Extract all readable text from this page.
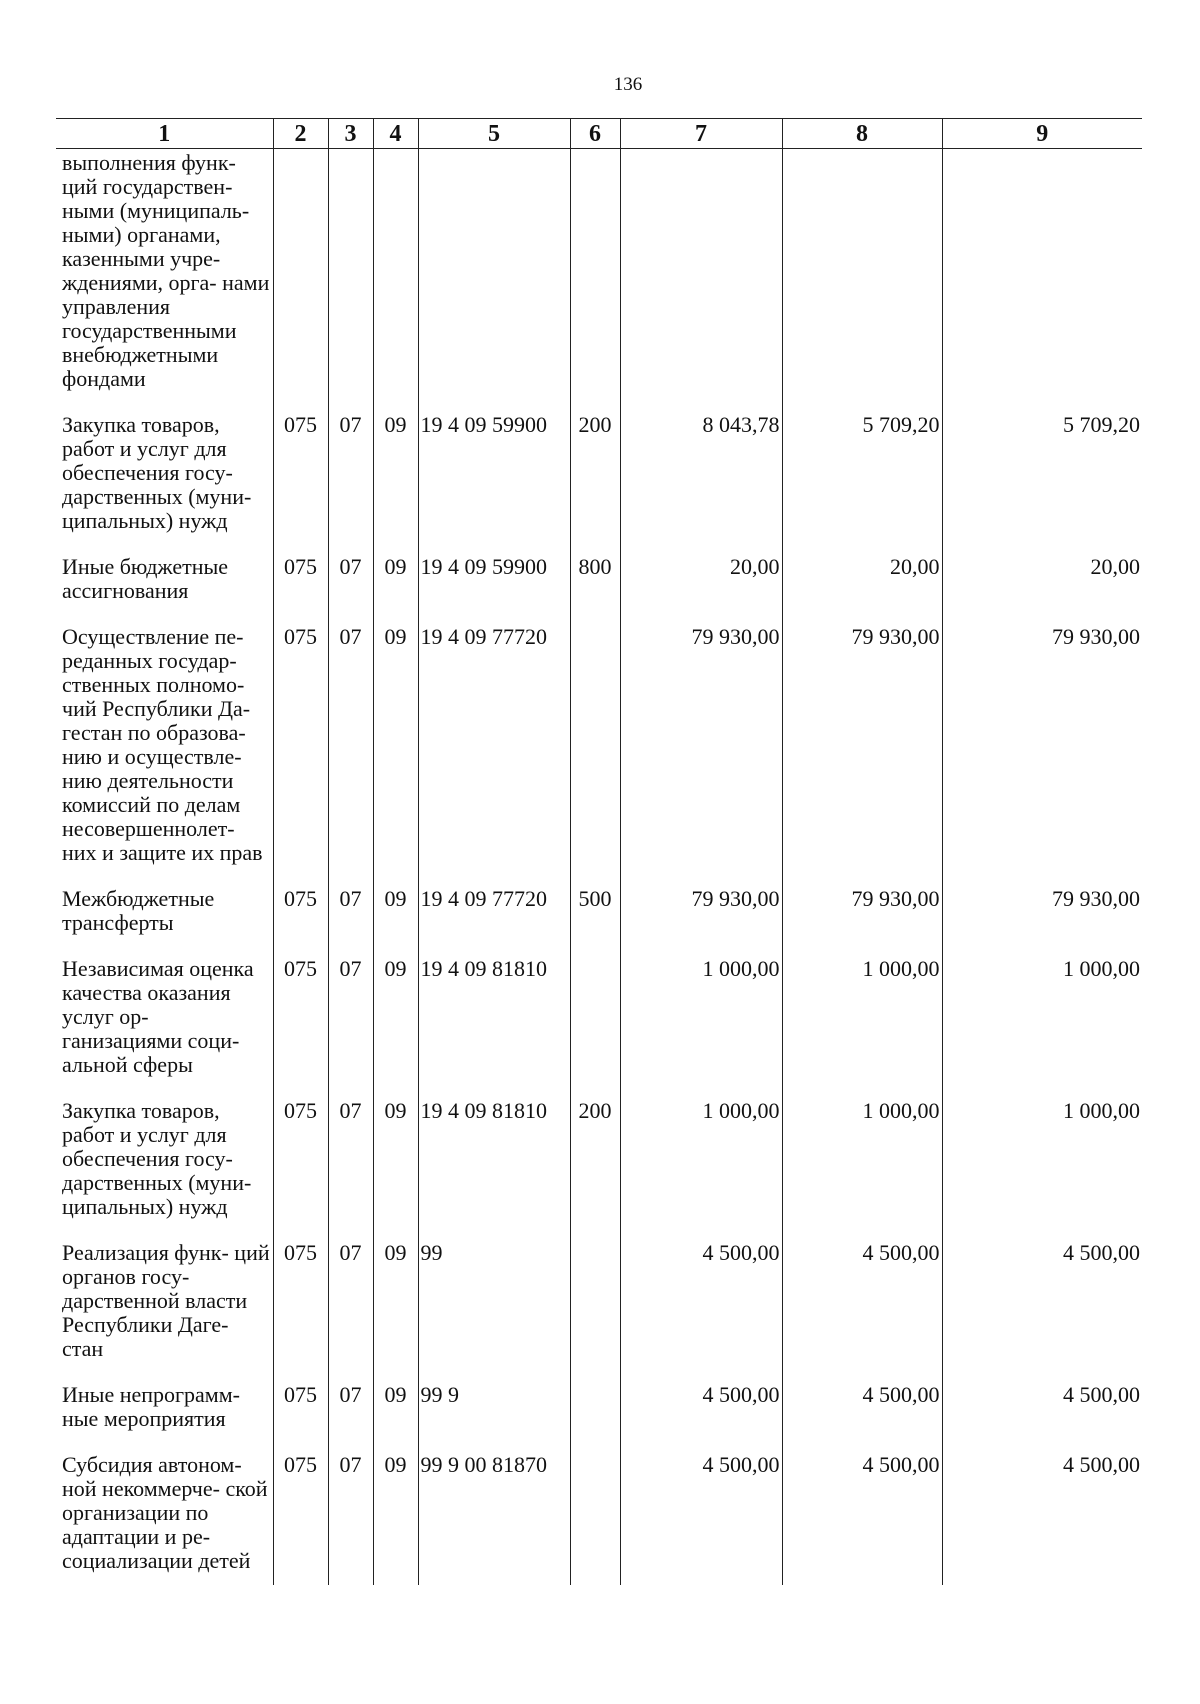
136
1	2	3	4	5	6	7	8	9
выполнения функ- ций государствен- ными (муниципаль- ными) органами, казенными учре- ждениями, орга- нами управления государственными внебюджетными фондами								
Закупка товаров, работ и услуг для обеспечения госу- дарственных (муни- ципальных) нужд	075	07	09	19 4 09 59900	200	8 043,78	5 709,20	5 709,20
Иные бюджетные ассигнования	075	07	09	19 4 09 59900	800	20,00	20,00	20,00
Осуществление пе- реданных государ- ственных полномо- чий Республики Да- гестан по образова- нию и осуществле- нию деятельности комиссий по делам несовершеннолет- них и защите их прав	075	07	09	19 4 09 77720		79 930,00	79 930,00	79 930,00
Межбюджетные трансферты	075	07	09	19 4 09 77720	500	79 930,00	79 930,00	79 930,00
Независимая оценка качества оказания услуг ор- ганизациями соци- альной сферы	075	07	09	19 4 09 81810		1 000,00	1 000,00	1 000,00
Закупка товаров, работ и услуг для обеспечения госу- дарственных (муни- ципальных) нужд	075	07	09	19 4 09 81810	200	1 000,00	1 000,00	1 000,00
Реализация функ- ций органов госу- дарственной власти Республики Даге- стан	075	07	09	99		4 500,00	4 500,00	4 500,00
Иные непрограмм- ные мероприятия	075	07	09	99 9		4 500,00	4 500,00	4 500,00
Субсидия автоном- ной некоммерче- ской организации по адаптации и ре- социализации детей	075	07	09	99 9 00 81870		4 500,00	4 500,00	4 500,00
